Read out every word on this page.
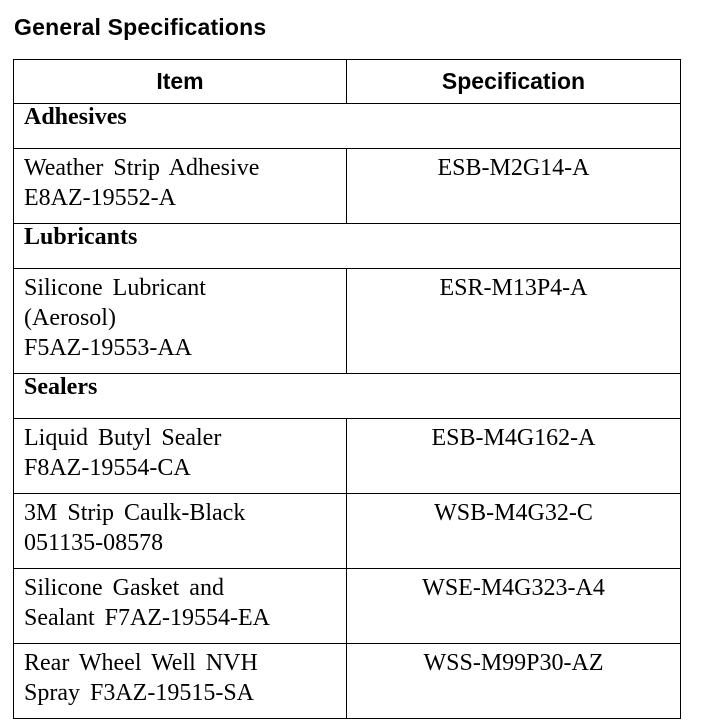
General Specifications
Item	Specification
Adhesives	

Weather Strip Adhesive
E8AZ-19552-A	ESB-M2G14-A
Lubricants	

Silicone Lubricant
(Aerosol)
F5AZ-19553-AA	ESR-M13P4-A
Sealers	

Liquid Butyl Sealer
F8AZ-19554-CA	ESB-M4G162-A

3M Strip Caulk-Black
051135-08578	WSB-M4G32-C

Silicone Gasket and
Sealant F7AZ-19554-EA	WSE-M4G323-A4

Rear Wheel Well NVH
Spray F3AZ-19515-SA	WSS-M99P30-AZ
